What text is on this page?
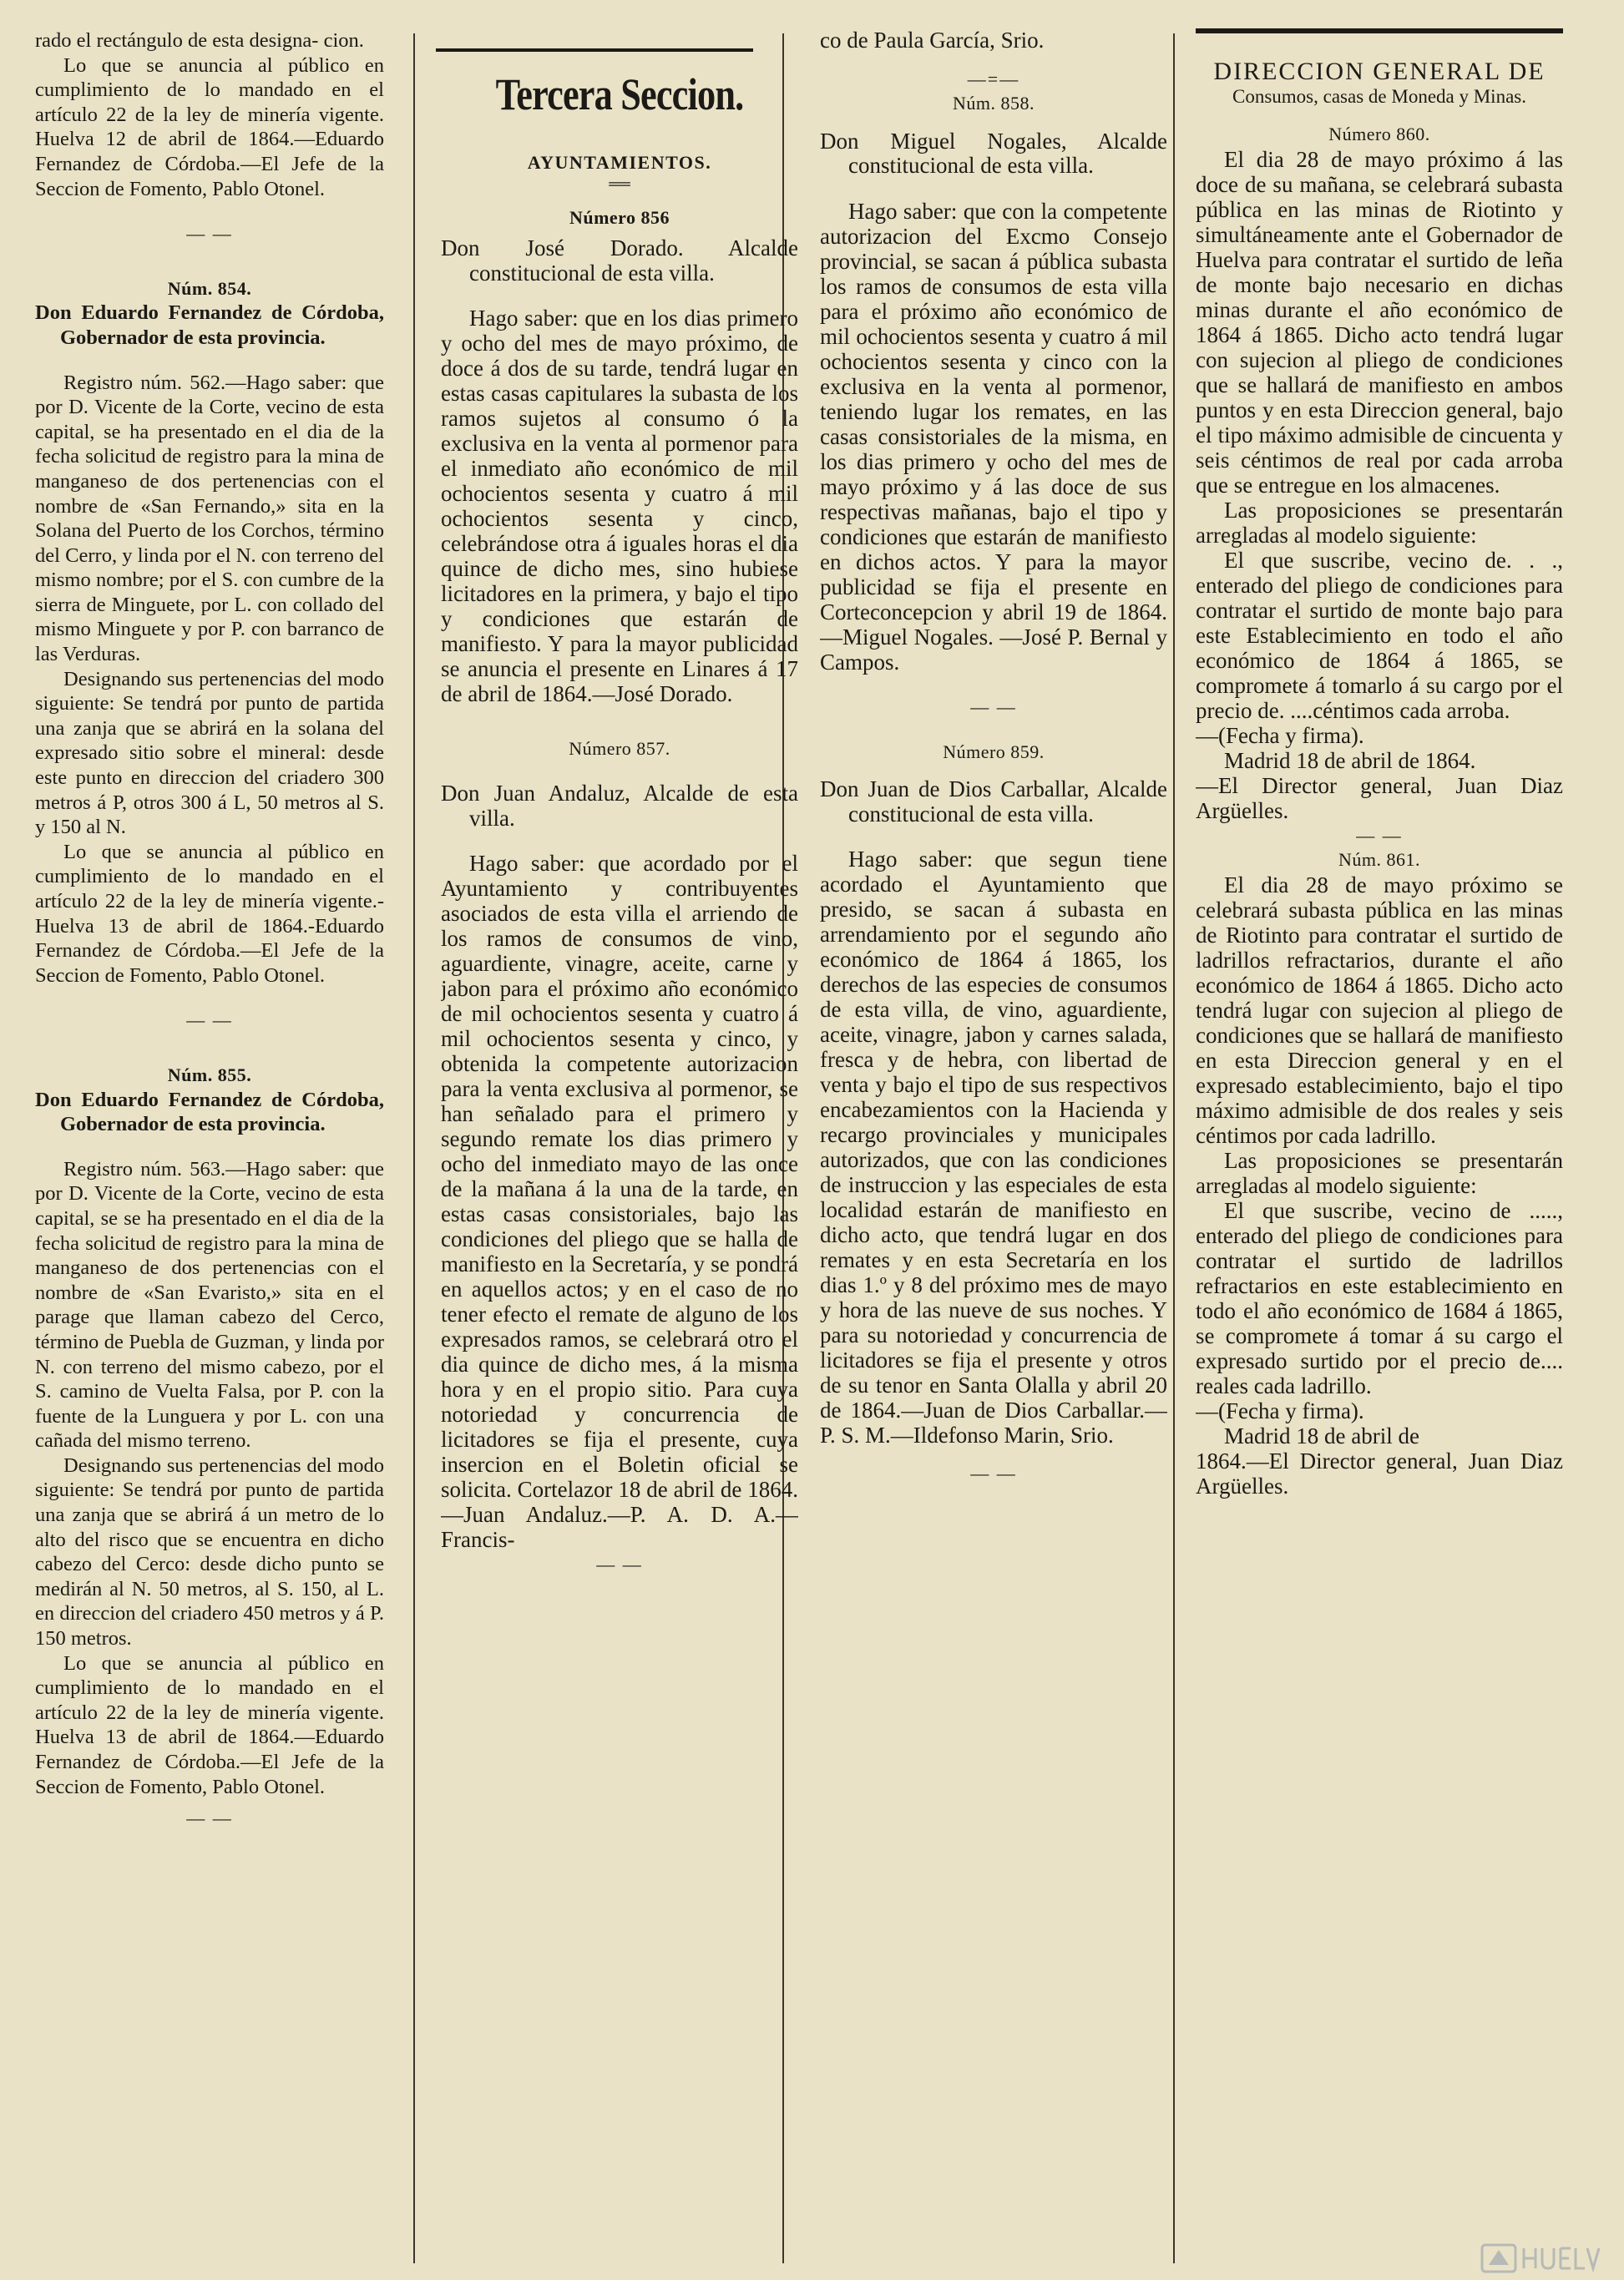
rado el rectángulo de esta designa- cion.

Lo que se anuncia al público en cumplimiento de lo mandado en el artículo 22 de la ley de minería vigente. Huelva 12 de abril de 1864.—Eduardo Fernandez de Córdoba.—El Jefe de la Seccion de Fomento, Pablo Otonel.

— —

Núm. 854.

Don Eduardo Fernandez de Córdoba, Gobernador de esta provincia.

Registro núm. 562.—Hago saber: que por D. Vicente de la Corte, vecino de esta capital, se ha presentado en el dia de la fecha solicitud de registro para la mina de manganeso de dos pertenencias con el nombre de «San Fernando,» sita en la Solana del Puerto de los Corchos, término del Cerro, y linda por el N. con terreno del mismo nombre; por el S. con cumbre de la sierra de Minguete, por L. con collado del mismo Minguete y por P. con barranco de las Verduras.

Designando sus pertenencias del modo siguiente: Se tendrá por punto de partida una zanja que se abrirá en la solana del expresado sitio sobre el mineral: desde este punto en direccion del criadero 300 metros á P, otros 300 á L, 50 metros al S. y 150 al N.

Lo que se anuncia al público en cumplimiento de lo mandado en el artículo 22 de la ley de minería vigente.- Huelva 13 de abril de 1864.-Eduardo Fernandez de Córdoba.—El Jefe de la Seccion de Fomento, Pablo Otonel.

— —

Núm. 855.

Don Eduardo Fernandez de Córdoba, Gobernador de esta provincia.

Registro núm. 563.—Hago saber: que por D. Vicente de la Corte, vecino de esta capital, se se ha presentado en el dia de la fecha solicitud de registro para la mina de manganeso de dos pertenencias con el nombre de «San Evaristo,» sita en el parage que llaman cabezo del Cerco, término de Puebla de Guzman, y linda por N. con terreno del mismo cabezo, por el S. camino de Vuelta Falsa, por P. con la fuente de la Lunguera y por L. con una cañada del mismo terreno.

Designando sus pertenencias del modo siguiente: Se tendrá por punto de partida una zanja que se abrirá á un metro de lo alto del risco que se encuentra en dicho cabezo del Cerco: desde dicho punto se medirán al N. 50 metros, al S. 150, al L. en direccion del criadero 450 metros y á P. 150 metros.

Lo que se anuncia al público en cumplimiento de lo mandado en el artículo 22 de la ley de minería vigente. Huelva 13 de abril de 1864.—Eduardo Fernandez de Córdoba.—El Jefe de la Seccion de Fomento, Pablo Otonel.

— —

Tercera Seccion.

AYUNTAMIENTOS.

══

Número 856

Don José Dorado. Alcalde constitucional de esta villa.

Hago saber: que en los dias primero y ocho del mes de mayo próximo, de doce á dos de su tarde, tendrá lugar en estas casas capitulares la subasta de los ramos sujetos al consumo ó la exclusiva en la venta al pormenor para el inmediato año económico de mil ochocientos sesenta y cuatro á mil ochocientos sesenta y cinco, celebrándose otra á iguales horas el dia quince de dicho mes, sino hubiese licitadores en la primera, y bajo el tipo y condiciones que estarán de manifiesto. Y para la mayor publicidad se anuncia el presente en Linares á 17 de abril de 1864.—José Dorado.

Número 857.

Don Juan Andaluz, Alcalde de esta villa.

Hago saber: que acordado por el Ayuntamiento y contribuyentes asociados de esta villa el arriendo de los ramos de consumos de vino, aguardiente, vinagre, aceite, carne y jabon para el próximo año económico de mil ochocientos sesenta y cuatro á mil ochocientos sesenta y cinco, y obtenida la competente autorizacion para la venta exclusiva al pormenor, se han señalado para el primero y segundo remate los dias primero y ocho del inmediato mayo de las once de la mañana á la una de la tarde, en estas casas consistoriales, bajo las condiciones del pliego que se halla de manifiesto en la Secretaría, y se pondrá en aquellos actos; y en el caso de no tener efecto el remate de alguno de los expresados ramos, se celebrará otro el dia quince de dicho mes, á la misma hora y en el propio sitio. Para cuya notoriedad y concurrencia de licitadores se fija el presente, cuya insercion en el Boletin oficial se solicita. Cortelazor 18 de abril de 1864. —Juan Andaluz.—P. A. D. A.—Francis-

— —

co de Paula García, Srio.

—=—

Núm. 858.

Don Miguel Nogales, Alcalde constitucional de esta villa.

Hago saber: que con la competente autorizacion del Excmo Consejo provincial, se sacan á pública subasta los ramos de consumos de esta villa para el próximo año económico de mil ochocientos sesenta y cuatro á mil ochocientos sesenta y cinco con la exclusiva en la venta al pormenor, teniendo lugar los remates, en las casas consistoriales de la misma, en los dias primero y ocho del mes de mayo próximo y á las doce de sus respectivas mañanas, bajo el tipo y condiciones que estarán de manifiesto en dichos actos. Y para la mayor publicidad se fija el presente en Corteconcepcion y abril 19 de 1864.—Miguel Nogales. —José P. Bernal y Campos.

— —

Número 859.

Don Juan de Dios Carballar, Alcalde constitucional de esta villa.

Hago saber: que segun tiene acordado el Ayuntamiento que presido, se sacan á subasta en arrendamiento por el segundo año económico de 1864 á 1865, los derechos de las especies de consumos de esta villa, de vino, aguardiente, aceite, vinagre, jabon y carnes salada, fresca y de hebra, con libertad de venta y bajo el tipo de sus respectivos encabezamientos con la Hacienda y recargo provinciales y municipales autorizados, que con las condiciones de instruccion y las especiales de esta localidad estarán de manifiesto en dicho acto, que tendrá lugar en dos remates y en esta Secretaría en los dias 1.º y 8 del próximo mes de mayo y hora de las nueve de sus noches. Y para su notoriedad y concurrencia de licitadores se fija el presente y otros de su tenor en Santa Olalla y abril 20 de 1864.—Juan de Dios Carballar.—P. S. M.—Ildefonso Marin, Srio.

— —

DIRECCION GENERAL DE

Consumos, casas de Moneda y Minas.

Número 860.

El dia 28 de mayo próximo á las doce de su mañana, se celebrará subasta pública en las minas de Riotinto y simultáneamente ante el Gobernador de Huelva para contratar el surtido de leña de monte bajo necesario en dichas minas durante el año económico de 1864 á 1865. Dicho acto tendrá lugar con sujecion al pliego de condiciones que se hallará de manifiesto en ambos puntos y en esta Direccion general, bajo el tipo máximo admisible de cincuenta y seis céntimos de real por cada arroba que se entregue en los almacenes.

Las proposiciones se presentarán arregladas al modelo siguiente:

El que suscribe, vecino de. . ., enterado del pliego de condiciones para contratar el surtido de monte bajo para este Establecimiento en todo el año económico de 1864 á 1865, se compromete á tomarlo á su cargo por el precio de. ....céntimos cada arroba.

—(Fecha y firma).

Madrid 18 de abril de 1864.

—El Director general, Juan Diaz Argüelles.

— —

Núm. 861.

El dia 28 de mayo próximo se celebrará subasta pública en las minas de Riotinto para contratar el surtido de ladrillos refractarios, durante el año económico de 1864 á 1865. Dicho acto tendrá lugar con sujecion al pliego de condiciones que se hallará de manifiesto en esta Direccion general y en el expresado establecimiento, bajo el tipo máximo admisible de dos reales y seis céntimos por cada ladrillo.

Las proposiciones se presentarán arregladas al modelo siguiente:

El que suscribe, vecino de ....., enterado del pliego de condiciones para contratar el surtido de ladrillos refractarios en este establecimiento en todo el año económico de 1684 á 1865, se compromete á tomar á su cargo el expresado surtido por el precio de.... reales cada ladrillo.

—(Fecha y firma).

Madrid 18 de abril de

1864.—El Director general, Juan Diaz Argüelles.
